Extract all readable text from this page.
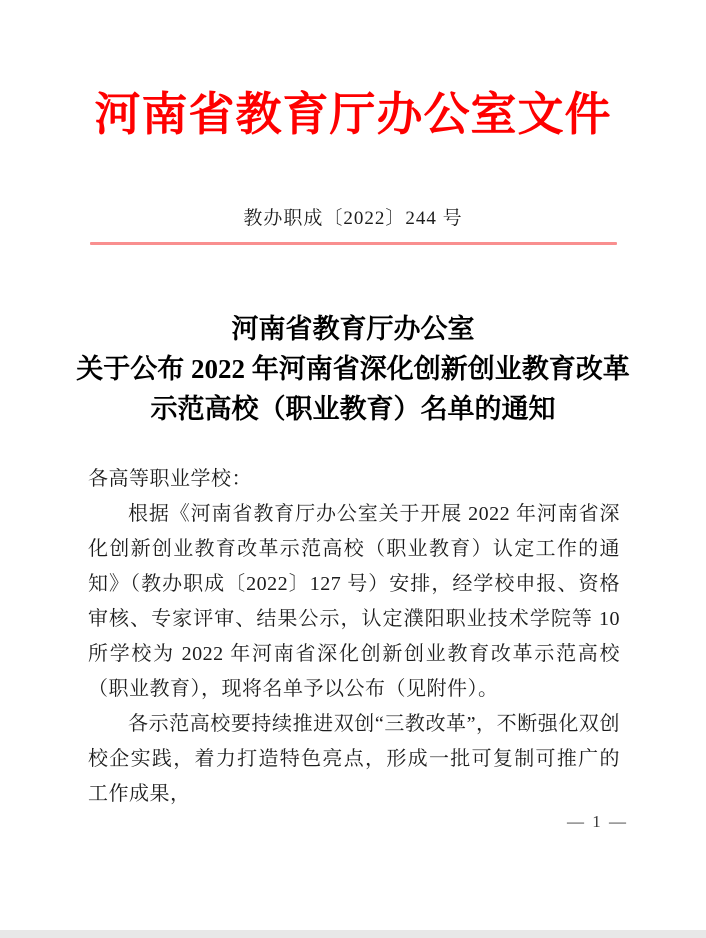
河南省教育厅办公室文件
教办职成〔2022〕244 号
河南省教育厅办公室
关于公布 2022 年河南省深化创新创业教育改革
示范高校（职业教育）名单的通知

各高等职业学校：

根据《河南省教育厅办公室关于开展 2022 年河南省深化创新创业教育改革示范高校（职业教育）认定工作的通知》（教办职成〔2022〕127 号）安排，经学校申报、资格审核、专家评审、结果公示，认定濮阳职业技术学院等 10 所学校为 2022 年河南省深化创新创业教育改革示范高校（职业教育），现将名单予以公布（见附件）。

各示范高校要持续推进双创“三教改革”，不断强化双创校企实践，着力打造特色亮点，形成一批可复制可推广的工作成果，

— 1 —
